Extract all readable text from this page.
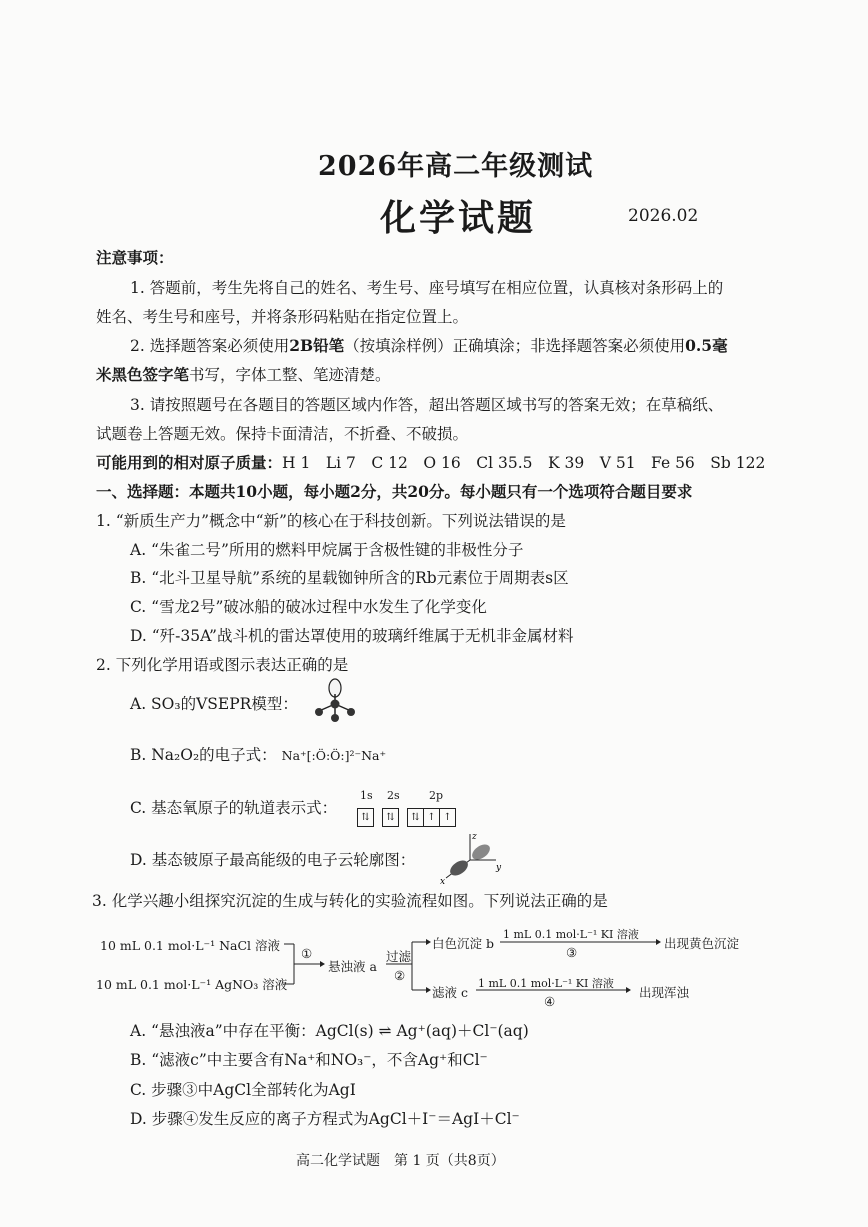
2026年高二年级测试
化学试题	2026.02
注意事项：
1. 答题前，考生先将自己的姓名、考生号、座号填写在相应位置，认真核对条形码上的
姓名、考生号和座号，并将条形码粘贴在指定位置上。
2. 选择题答案必须使用2B铅笔（按填涂样例）正确填涂；非选择题答案必须使用0.5毫
米黑色签字笔书写，字体工整、笔迹清楚。
3. 请按照题号在各题目的答题区域内作答，超出答题区域书写的答案无效；在草稿纸、
试题卷上答题无效。保持卡面清洁，不折叠、不破损。
可能用到的相对原子质量：H 1　Li 7　C 12　O 16　Cl 35.5　K 39　V 51　Fe 56　Sb 122
一、选择题：本题共10小题，每小题2分，共20分。每小题只有一个选项符合题目要求
1. “新质生产力”概念中“新”的核心在于科技创新。下列说法错误的是
A. “朱雀二号”所用的燃料甲烷属于含极性键的非极性分子
B. “北斗卫星导航”系统的星载铷钟所含的Rb元素位于周期表s区
C. “雪龙2号”破冰船的破冰过程中水发生了化学变化
D. “歼-35A”战斗机的雷达罩使用的玻璃纤维属于无机非金属材料
2. 下列化学用语或图示表达正确的是
A. SO₃的VSEPR模型：
B. Na₂O₂的电子式： Na⁺[:Ö:Ö:]²⁻Na⁺
C. 基态氧原子的轨道表示式：
1s 2s	2p
⇅ ⇅ ⇅ ↑ ↑
D. 基态铍原子最高能级的电子云轮廓图：
z
y
x
3. 化学兴趣小组探究沉淀的生成与转化的实验流程如图。下列说法正确的是
10 mL 0.1 mol·L⁻¹ NaCl 溶液
10 mL 0.1 mol·L⁻¹ AgNO₃ 溶液
①
悬浊液 a
过滤
②
白色沉淀 b
1 mL 0.1 mol·L⁻¹ KI 溶液
③
出现黄色沉淀
滤液 c
1 mL 0.1 mol·L⁻¹ KI 溶液
④
出现浑浊
A. “悬浊液a”中存在平衡：AgCl(s) ⇌ Ag⁺(aq)＋Cl⁻(aq)
B. “滤液c”中主要含有Na⁺和NO₃⁻，不含Ag⁺和Cl⁻
C. 步骤③中AgCl全部转化为AgI
D. 步骤④发生反应的离子方程式为AgCl＋I⁻＝AgI＋Cl⁻
高二化学试题　第 1 页（共8页）
